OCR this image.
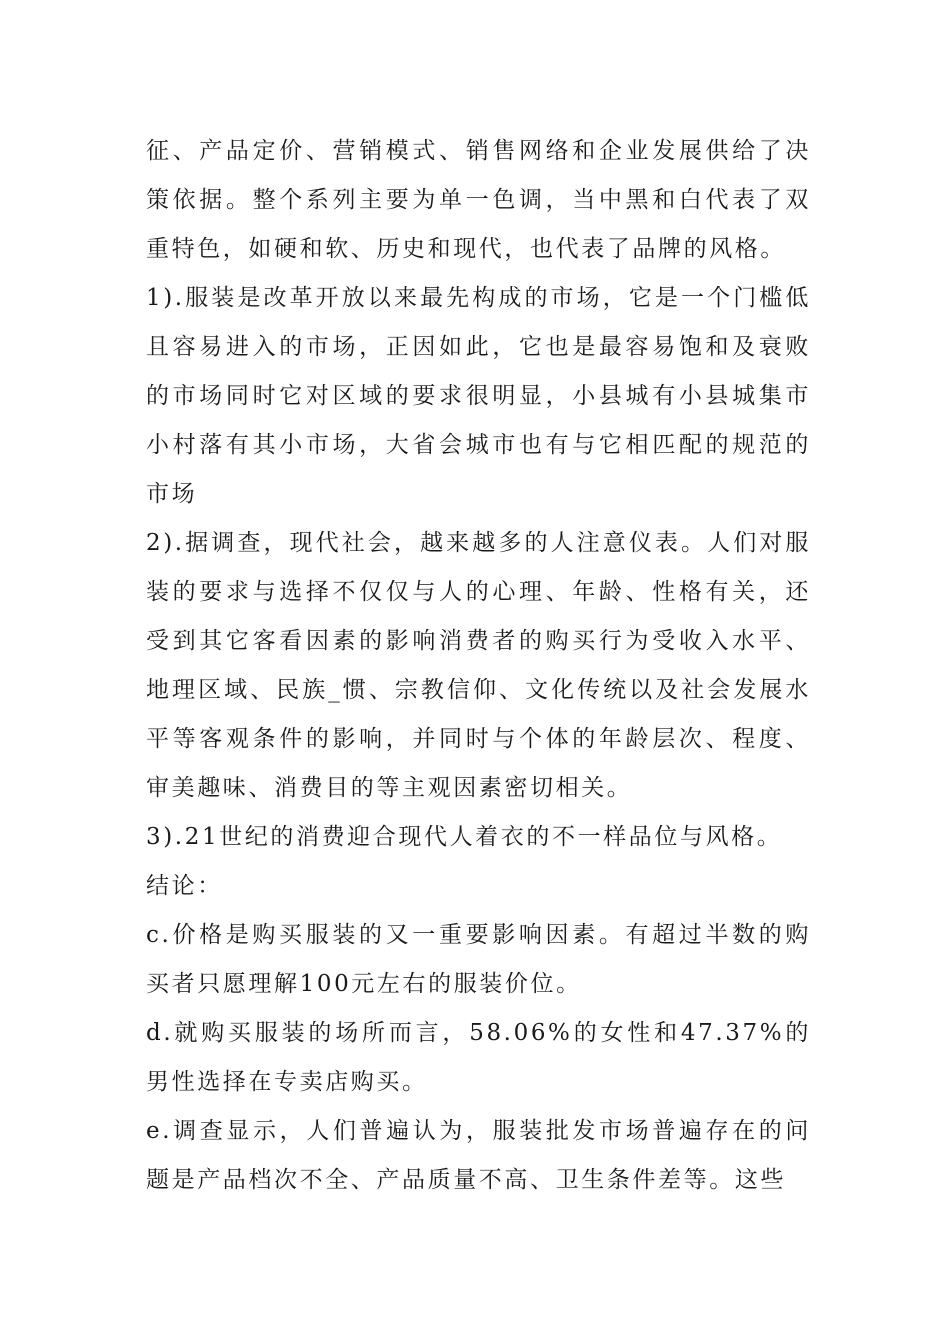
征、产品定价、营销模式、销售网络和企业发展供给了决策依据。整个系列主要为单一色调，当中黑和白代表了双重特色，如硬和软、历史和现代，也代表了品牌的风格。

1).服装是改革开放以来最先构成的市场，它是一个门槛低且容易进入的市场，正因如此，它也是最容易饱和及衰败的市场同时它对区域的要求很明显，小县城有小县城集市小村落有其小市场，大省会城市也有与它相匹配的规范的市场

2).据调查，现代社会，越来越多的人注意仪表。人们对服装的要求与选择不仅仅与人的心理、年龄、性格有关，还受到其它客看因素的影响消费者的购买行为受收入水平、地理区域、民族_惯、宗教信仰、文化传统以及社会发展水平等客观条件的影响，并同时与个体的年龄层次、程度、审美趣味、消费目的等主观因素密切相关。

3).21世纪的消费迎合现代人着衣的不一样品位与风格。

结论：

c.价格是购买服装的又一重要影响因素。有超过半数的购买者只愿理解100元左右的服装价位。

d.就购买服装的场所而言，58.06%的女性和47.37%的男性选择在专卖店购买。

e.调查显示，人们普遍认为，服装批发市场普遍存在的问题是产品档次不全、产品质量不高、卫生条件差等。这些
